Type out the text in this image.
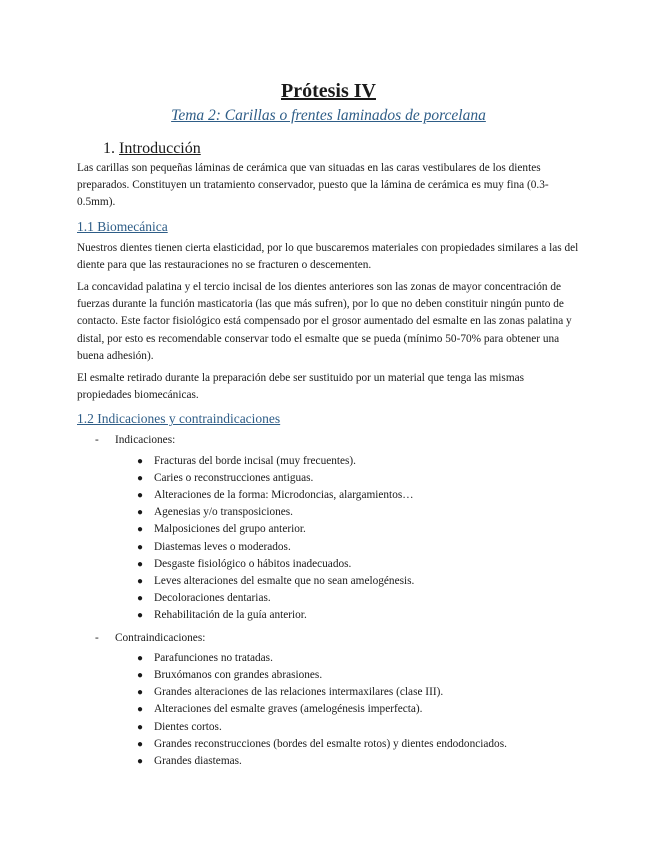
Prótesis IV
Tema 2: Carillas o frentes laminados de porcelana
1. Introducción

Las carillas son pequeñas láminas de cerámica que van situadas en las caras vestibulares de los dientes preparados. Constituyen un tratamiento conservador, puesto que la lámina de cerámica es muy fina (0.3-0.5mm).

1.1 Biomecánica

Nuestros dientes tienen cierta elasticidad, por lo que buscaremos materiales con propiedades similares a las del diente para que las restauraciones no se fracturen o descementen.

La concavidad palatina y el tercio incisal de los dientes anteriores son las zonas de mayor concentración de fuerzas durante la función masticatoria (las que más sufren), por lo que no deben constituir ningún punto de contacto. Este factor fisiológico está compensado por el grosor aumentado del esmalte en las zonas palatina y distal, por esto es recomendable conservar todo el esmalte que se pueda (mínimo 50-70% para obtener una buena adhesión).

El esmalte retirado durante la preparación debe ser sustituido por un material que tenga las mismas propiedades biomecánicas.

1.2 Indicaciones y contraindicaciones
- Indicaciones:
● Fracturas del borde incisal (muy frecuentes).
● Caries o reconstrucciones antiguas.
● Alteraciones de la forma: Microdoncias, alargamientos…
● Agenesias y/o transposiciones.
● Malposiciones del grupo anterior.
● Diastemas leves o moderados.
● Desgaste fisiológico o hábitos inadecuados.
● Leves alteraciones del esmalte que no sean amelogénesis.
● Decoloraciones dentarias.
● Rehabilitación de la guía anterior.
- Contraindicaciones:
● Parafunciones no tratadas.
● Bruxómanos con grandes abrasiones.
● Grandes alteraciones de las relaciones intermaxilares (clase III).
● Alteraciones del esmalte graves (amelogénesis imperfecta).
● Dientes cortos.
● Grandes reconstrucciones (bordes del esmalte rotos) y dientes endodonciados.
● Grandes diastemas.
